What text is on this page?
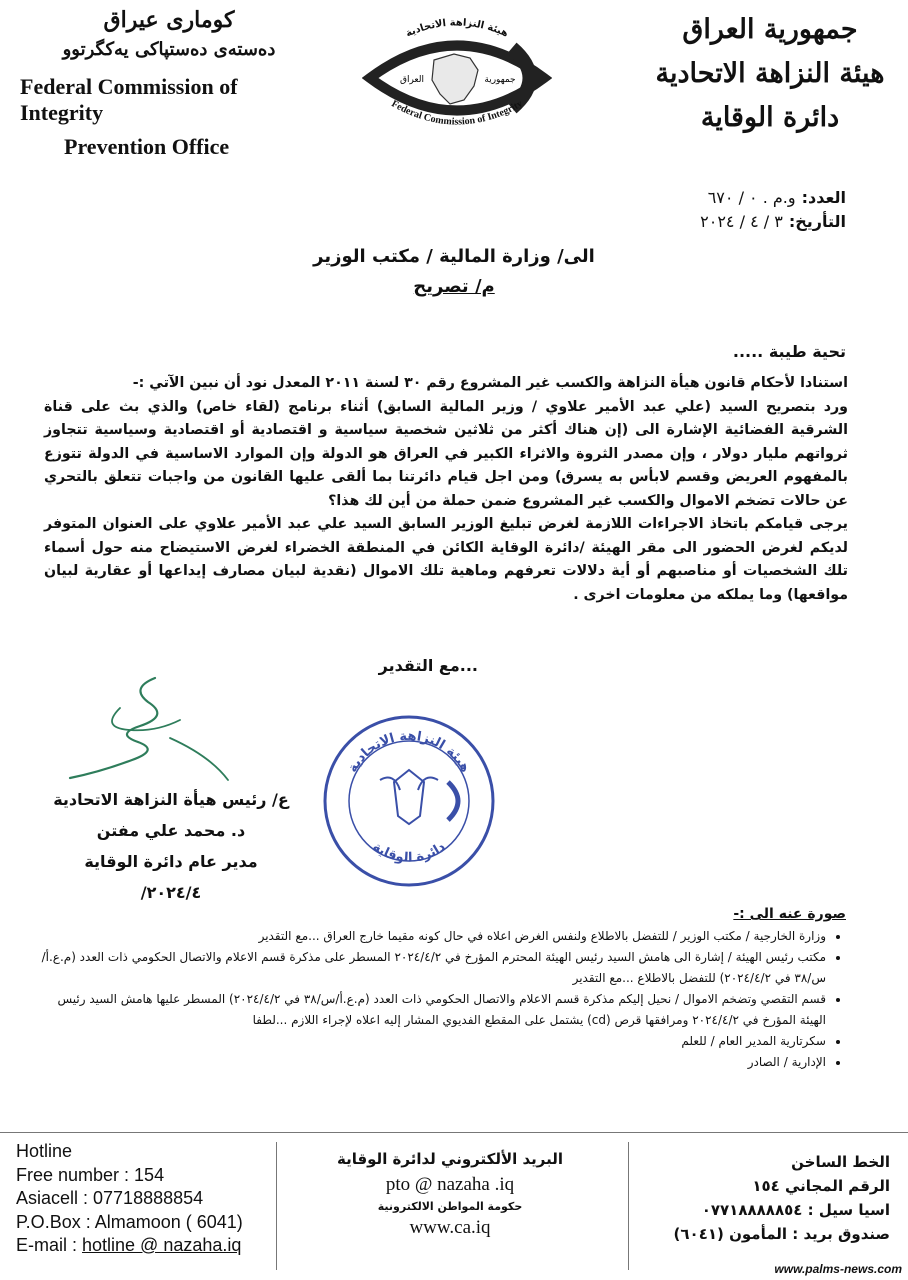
کوماری عیراق

دەستەی دەستپاکی یەکگرتوو

Federal Commission of Integrity
Prevention Office
هيئة النزاهة الاتحادية
العراق	جمهورية
Federal Commission of Integrity
جمهورية العراق
هيئة النزاهة الاتحادية
دائرة الوقاية
العدد:و.م . ٠ / ٦٧٠
التأريخ:٣ / ٤ / ٢٠٢٤
الى/ وزارة المالية / مكتب الوزير
م/ تصريح
تحية طيبة .....

استنادا لأحكام قانون هيأة النزاهة والكسب غير المشروع رقم ٣٠ لسنة ٢٠١١ المعدل نود أن نبين الآتي :-

ورد بتصريح السيد (علي عبد الأمير علاوي / وزير المالية السابق) أثناء برنامج (لقاء خاص) والذي بث على قناة الشرقية الفضائية الإشارة الى (إن هناك أكثر من ثلاثين شخصية سياسية و اقتصادية أو اقتصادية وسياسية تتجاوز ثرواتهم مليار دولار ، وإن مصدر الثروة والاثراء الكبير في العراق هو الدولة وإن الموارد الاساسية في الدولة تتوزع بالمفهوم العريض وقسم لابأس به يسرق) ومن اجل قيام دائرتنا بما ألقى عليها القانون من واجبات تتعلق بالتحري عن حالات تضخم الاموال والكسب غير المشروع ضمن حملة من أين لك هذا؟

يرجى قيامكم باتخاذ الاجراءات اللازمة لغرض تبليغ الوزير السابق السيد علي عبد الأمير علاوي على العنوان المتوفر لديكم لغرض الحضور الى مقر الهيئة /دائرة الوقاية الكائن في المنطقة الخضراء لغرض الاستيضاح منه حول أسماء تلك الشخصيات أو مناصبهم أو أية دلالات تعرفهم وماهية تلك الاموال (نقدية لبيان مصارف إيداعها أو عقارية لبيان مواقعها) وما يملكه من معلومات اخرى .

...مع التقدير
هيئة النزاهة الاتحادية
دائرة الوقاية
ع/ رئيس هيأة النزاهة الاتحادية
د. محمد علي مفتن
مدير عام دائرة الوقاية
٢٠٢٤/٤/
صورة عنه الى :-
• وزارة الخارجية / مكتب الوزير / للتفضل بالاطلاع ولنفس الغرض اعلاه في حال كونه مقيما خارج العراق ...مع التقدير
• مكتب رئيس الهيئة / إشارة الى هامش السيد رئيس الهيئة المحترم المؤرخ في ٢٠٢٤/٤/٢ المسطر على مذكرة قسم الاعلام والاتصال الحكومي ذات العدد (م.ع.أ/س/٣٨ في ٢٠٢٤/٤/٢) للتفضل بالاطلاع ...مع التقدير
• قسم التقصي وتضخم الاموال / نحيل إليكم مذكرة قسم الاعلام والاتصال الحكومي ذات العدد (م.ع.أ/س/٣٨ في ٢٠٢٤/٤/٢) المسطر عليها هامش السيد رئيس الهيئة المؤرخ في ٢٠٢٤/٤/٢ ومرافقها قرص (cd) يشتمل على المقطع الفديوي المشار إليه اعلاه لإجراء اللازم ...لطفا
• سكرتارية المدير العام / للعلم
• الإدارية / الصادر
Hotline
Free number : 154
Asiacell : 07718888854
P.O.Box : Almamoon ( 6041)
E-mail : hotline @ nazaha.iq
البريد الألكتروني لدائرة الوقاية
pto @ nazaha .iq
حكومة المواطن الالكترونية
www.ca.iq
الخط الساخن
الرقم المجاني ١٥٤
اسيا سيل : ٠٧٧١٨٨٨٨٨٥٤
صندوق بريد : المأمون (٦٠٤١)
www.palms-news.com
